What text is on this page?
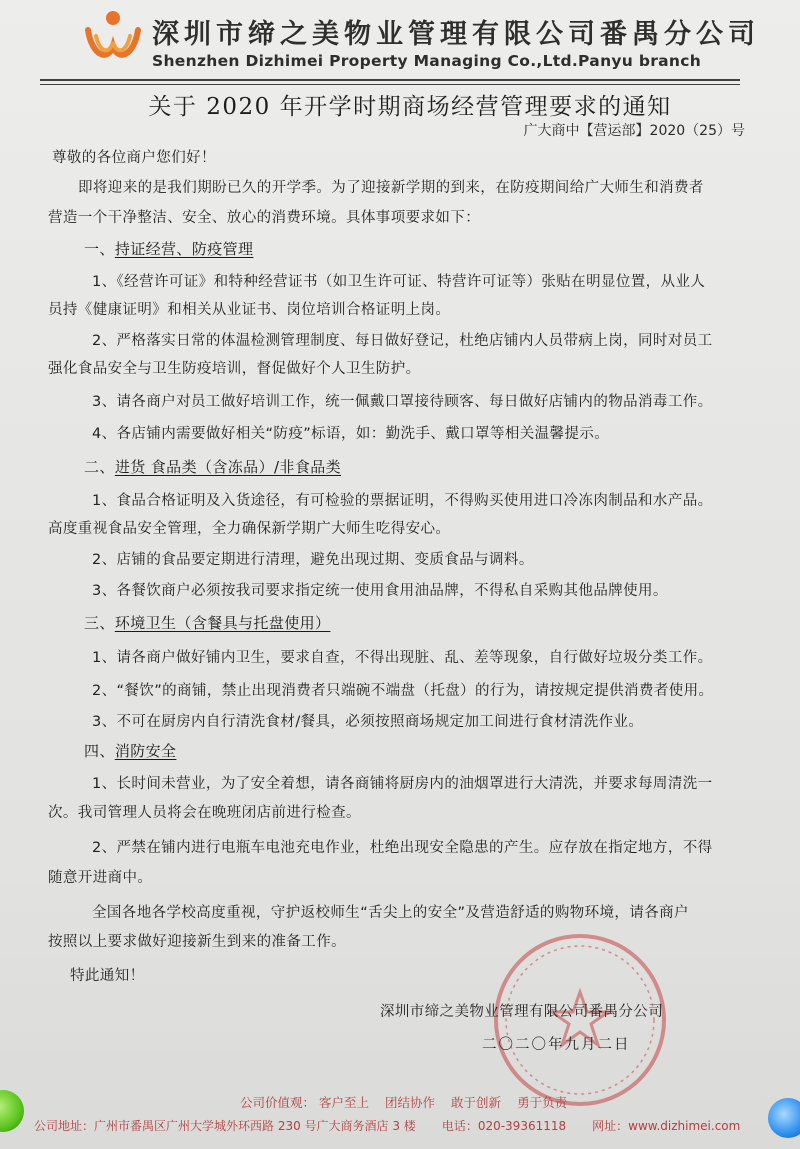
深圳市缔之美物业管理有限公司番禺分公司
Shenzhen Dizhimei Property Managing Co.,Ltd.Panyu branch
关于 2020 年开学时期商场经营管理要求的通知
广大商中【营运部】2020（25）号
尊敬的各位商户您们好！
即将迎来的是我们期盼已久的开学季。为了迎接新学期的到来，在防疫期间给广大师生和消费者
营造一个干净整洁、安全、放心的消费环境。具体事项要求如下：
一、持证经营、防疫管理
1、《经营许可证》和特种经营证书（如卫生许可证、特营许可证等）张贴在明显位置，从业人
员持《健康证明》和相关从业证书、岗位培训合格证明上岗。
2、严格落实日常的体温检测管理制度、每日做好登记，杜绝店铺内人员带病上岗，同时对员工
强化食品安全与卫生防疫培训，督促做好个人卫生防护。
3、请各商户对员工做好培训工作，统一佩戴口罩接待顾客、每日做好店铺内的物品消毒工作。
4、各店铺内需要做好相关“防疫”标语，如：勤洗手、戴口罩等相关温馨提示。
二、进货 食品类（含冻品）/非食品类
1、食品合格证明及入货途径，有可检验的票据证明，不得购买使用进口冷冻肉制品和水产品。
高度重视食品安全管理，全力确保新学期广大师生吃得安心。
2、店铺的食品要定期进行清理，避免出现过期、变质食品与调料。
3、各餐饮商户必须按我司要求指定统一使用食用油品牌，不得私自采购其他品牌使用。
三、环境卫生（含餐具与托盘使用）
1、请各商户做好铺内卫生，要求自查，不得出现脏、乱、差等现象，自行做好垃圾分类工作。
2、“餐饮”的商铺，禁止出现消费者只端碗不端盘（托盘）的行为，请按规定提供消费者使用。
3、不可在厨房内自行清洗食材/餐具，必须按照商场规定加工间进行食材清洗作业。
四、消防安全
1、长时间未营业，为了安全着想，请各商铺将厨房内的油烟罩进行大清洗，并要求每周清洗一
次。我司管理人员将会在晚班闭店前进行检查。
2、严禁在铺内进行电瓶车电池充电作业，杜绝出现安全隐患的产生。应存放在指定地方，不得
随意开进商中。
全国各地各学校高度重视，守护返校师生“舌尖上的安全”及营造舒适的购物环境，请各商户
按照以上要求做好迎接新生到来的准备工作。
特此通知！
深圳市缔之美物业管理有限公司番禺分公司
二〇二〇年九月二日
公司价值观： 客户至上 团结协作 敢于创新 勇于负责
公司地址：广州市番禺区广州大学城外环西路 230 号广大商务酒店 3 楼 电话：020-39361118 网址：www.dizhimei.com
